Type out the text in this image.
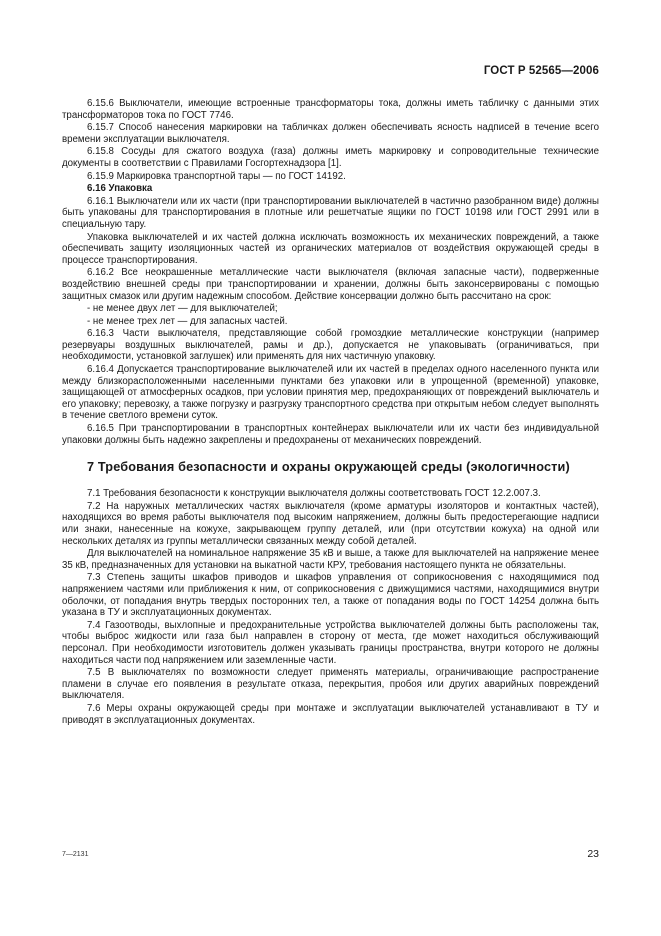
ГОСТ Р 52565—2006

6.15.6 Выключатели, имеющие встроенные трансформаторы тока, должны иметь табличку с данными этих трансформаторов тока по ГОСТ 7746.

6.15.7 Способ нанесения маркировки на табличках должен обеспечивать ясность надписей в течение всего времени эксплуатации выключателя.

6.15.8 Сосуды для сжатого воздуха (газа) должны иметь маркировку и сопроводительные технические документы в соответствии с Правилами Госгортехнадзора [1].

6.15.9 Маркировка транспортной тары — по ГОСТ 14192.

6.16 Упаковка

6.16.1 Выключатели или их части (при транспортировании выключателей в частично разобранном виде) должны быть упакованы для транспортирования в плотные или решетчатые ящики по ГОСТ 10198 или ГОСТ 2991 или в специальную тару.

Упаковка выключателей и их частей должна исключать возможность их механических повреждений, а также обеспечивать защиту изоляционных частей из органических материалов от воздействия окружающей среды в процессе транспортирования.

6.16.2 Все неокрашенные металлические части выключателя (включая запасные части), подверженные воздействию внешней среды при транспортировании и хранении, должны быть законсервированы с помощью защитных смазок или другим надежным способом. Действие консервации должно быть рассчитано на срок:

- не менее двух лет — для выключателей;

- не менее трех лет — для запасных частей.

6.16.3 Части выключателя, представляющие собой громоздкие металлические конструкции (например резервуары воздушных выключателей, рамы и др.), допускается не упаковывать (ограничиваться, при необходимости, установкой заглушек) или применять для них частичную упаковку.

6.16.4 Допускается транспортирование выключателей или их частей в пределах одного населенного пункта или между близкорасположенными населенными пунктами без упаковки или в упрощенной (временной) упаковке, защищающей от атмосферных осадков, при условии принятия мер, предохраняющих от повреждений выключатель и его упаковку; перевозку, а также погрузку и разгрузку транспортного средства при открытым небом следует выполнять в течение светлого времени суток.

6.16.5 При транспортировании в транспортных контейнерах выключатели или их части без индивидуальной упаковки должны быть надежно закреплены и предохранены от механических повреждений.

7 Требования безопасности и охраны окружающей среды (экологичности)

7.1 Требования безопасности к конструкции выключателя должны соответствовать ГОСТ 12.2.007.3.

7.2 На наружных металлических частях выключателя (кроме арматуры изоляторов и контактных частей), находящихся во время работы выключателя под высоким напряжением, должны быть предостерегающие надписи или знаки, нанесенные на кожухе, закрывающем группу деталей, или (при отсутствии кожуха) на одной или нескольких деталях из группы металлически связанных между собой деталей.

Для выключателей на номинальное напряжение 35 кВ и выше, а также для выключателей на напряжение менее 35 кВ, предназначенных для установки на выкатной части КРУ, требования настоящего пункта не обязательны.

7.3 Степень защиты шкафов приводов и шкафов управления от соприкосновения с находящимися под напряжением частями или приближения к ним, от соприкосновения с движущимися частями, находящимися внутри оболочки, от попадания внутрь твердых посторонних тел, а также от попадания воды по ГОСТ 14254 должна быть указана в ТУ и эксплуатационных документах.

7.4 Газоотводы, выхлопные и предохранительные устройства выключателей должны быть расположены так, чтобы выброс жидкости или газа был направлен в сторону от места, где может находиться обслуживающий персонал. При необходимости изготовитель должен указывать границы пространства, внутри которого не должны находиться части под напряжением или заземленные части.

7.5 В выключателях по возможности следует применять материалы, ограничивающие распространение пламени в случае его появления в результате отказа, перекрытия, пробоя или других аварийных повреждений выключателя.

7.6 Меры охраны окружающей среды при монтаже и эксплуатации выключателей устанавливают в ТУ и приводят в эксплуатационных документах.

7—2131	23
